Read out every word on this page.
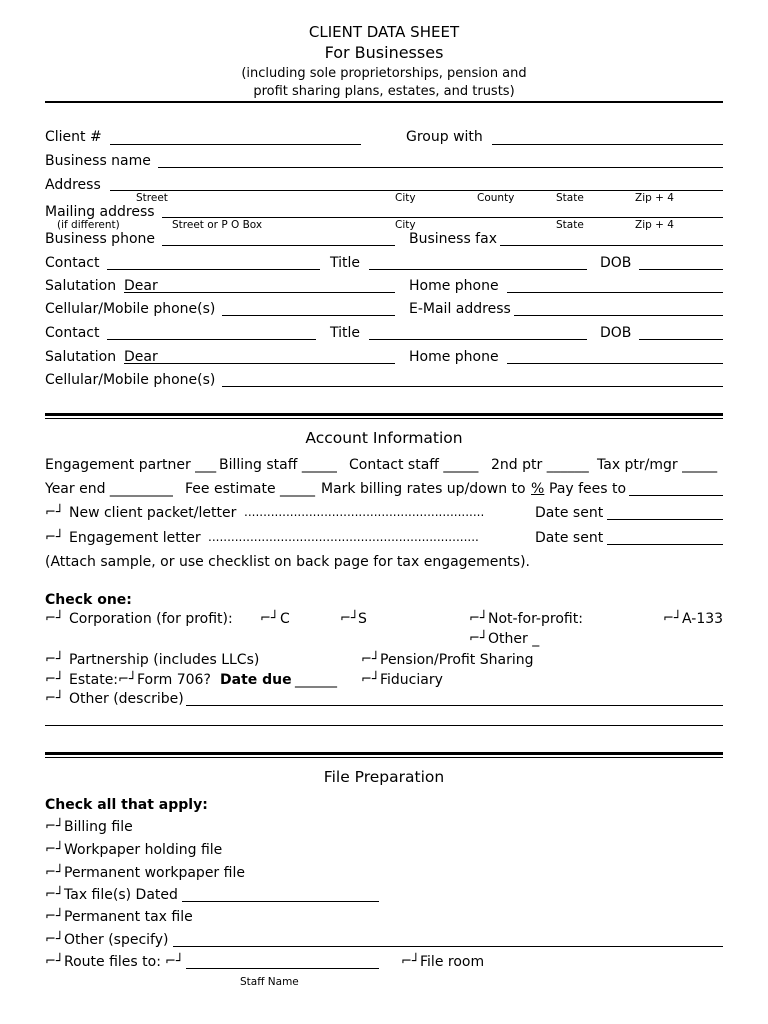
CLIENT DATA SHEET
For Businesses
(including sole proprietorships, pension and
profit sharing plans, estates, and trusts)
Client #	Group with
Business name
Address
Street	City	County	State	Zip + 4
Mailing address
(if different)	Street or P O Box	City	State	Zip + 4
Business phone	Business fax
Contact	Title	DOB
Salutation Dear	Home phone
Cellular/Mobile phone(s)	E-Mail address
Contact	Title	DOB
Salutation Dear	Home phone
Cellular/Mobile phone(s)
Account Information
Engagement partner ___ Billing staff _____ Contact staff _____ 2nd ptr ______ Tax ptr/mgr _____
Year end _________ Fee estimate _____ Mark billing rates up/down to % Pay fees to
⌐┘ New client packet/letter ...............................................................	Date sent
⌐┘ Engagement letter .......................................................................	Date sent
(Attach sample, or use checklist on back page for tax engagements).
Check one:
⌐┘ Corporation (for profit): ⌐┘ C	⌐┘ S	⌐┘ Not-for-profit:	⌐┘ A-133
⌐┘ Other _
⌐┘ Partnership (includes LLCs)	⌐┘ Pension/Profit Sharing
⌐┘ Estate: ⌐┘ Form 706? Date due ______ ⌐┘ Fiduciary
⌐┘ Other (describe)
File Preparation
Check all that apply:
⌐┘ Billing file
⌐┘ Workpaper holding file
⌐┘ Permanent workpaper file
⌐┘ Tax file(s) Dated
⌐┘ Permanent tax file
⌐┘ Other (specify)
⌐┘ Route files to: ⌐┘	⌐┘ File room
Staff Name
